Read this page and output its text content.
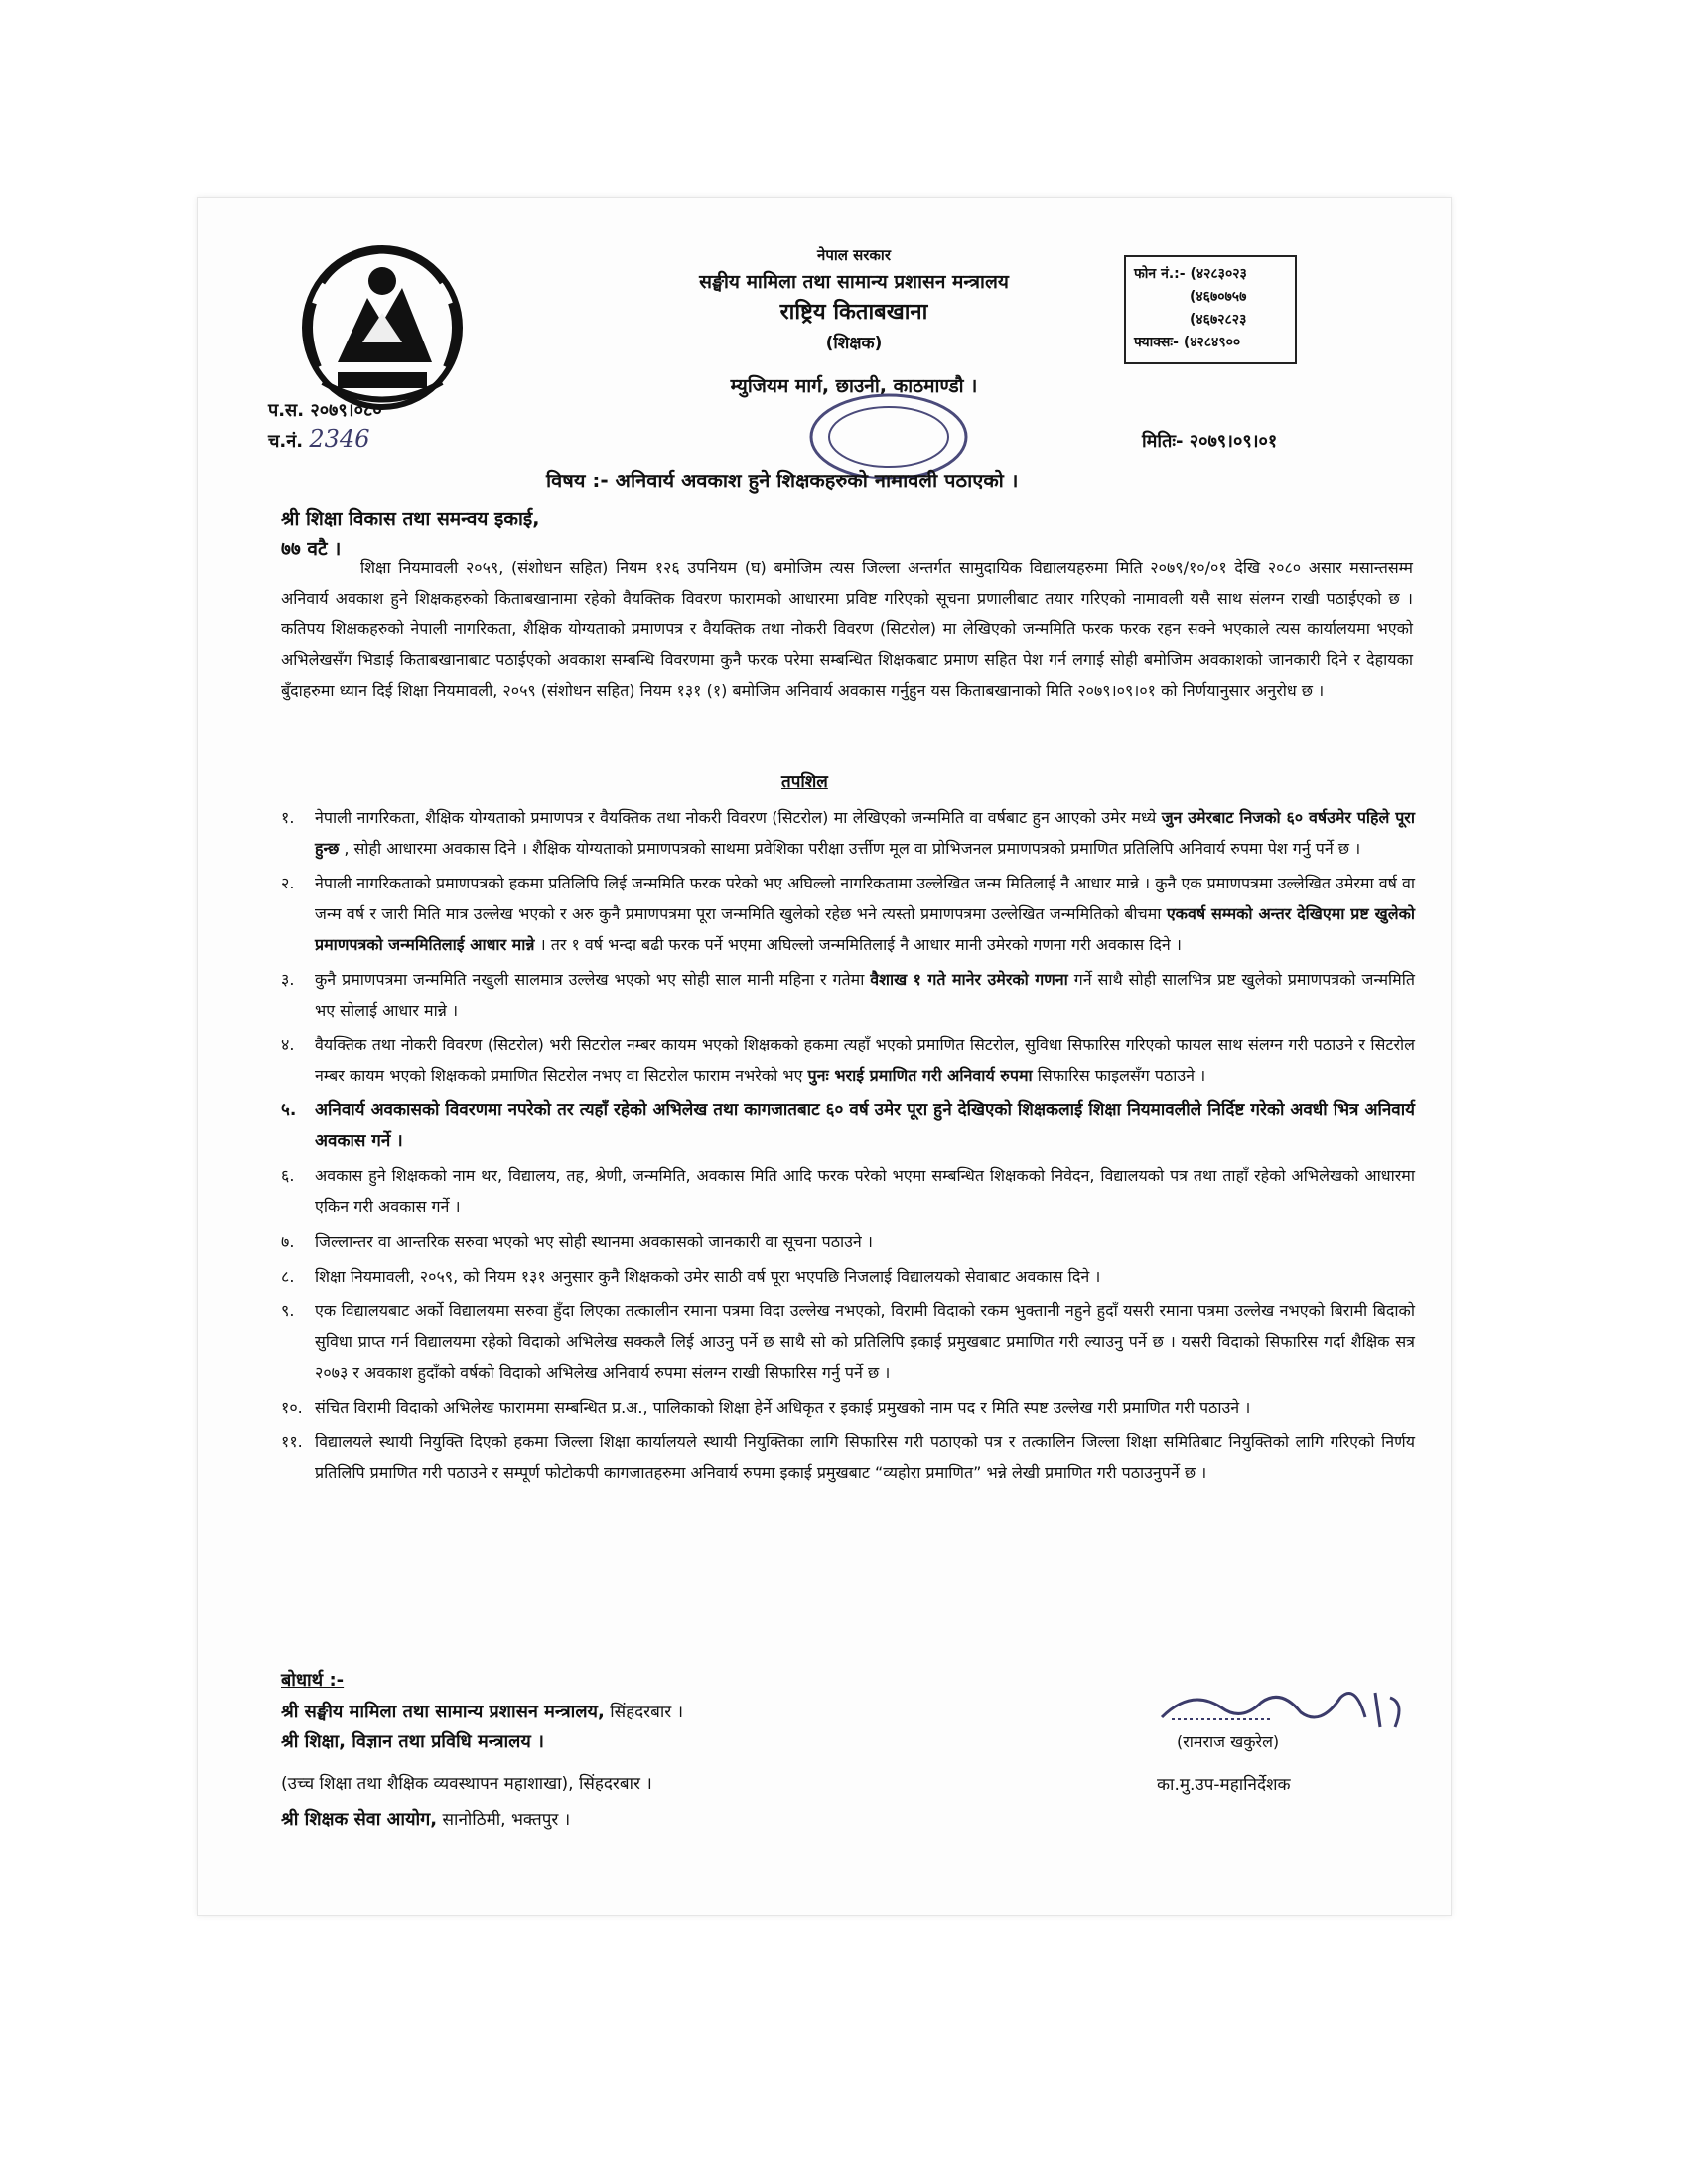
नेपाल सरकार
सङ्घीय मामिला तथा सामान्य प्रशासन मन्त्रालय
राष्ट्रिय किताबखाना
(शिक्षक)
म्युजियम मार्ग, छाउनी, काठमाण्डौ ।
फोन नं.:- (४२८३०२३
(४६७०७५७
(४६७२८२३
फ्याक्सः- (४२८४९००
प.स. २०७९।०८०
च.नं. 2346	मितिः- २०७९।०९।०१
विषय :- अनिवार्य अवकाश हुने शिक्षकहरुको नामावली पठाएको ।
श्री शिक्षा विकास तथा समन्वय इकाई,
७७ वटै ।
शिक्षा नियमावली २०५९, (संशोधन सहित) नियम १२६ उपनियम (घ) बमोजिम त्यस जिल्ला अन्तर्गत सामुदायिक विद्यालयहरुमा मिति २०७९/१०/०१ देखि २०८० असार मसान्तसम्म अनिवार्य अवकाश हुने शिक्षकहरुको किताबखानामा रहेको वैयक्तिक विवरण फारामको आधारमा प्रविष्ट गरिएको सूचना प्रणालीबाट तयार गरिएको नामावली यसै साथ संलग्न राखी पठाईएको छ । कतिपय शिक्षकहरुको नेपाली नागरिकता, शैक्षिक योग्यताको प्रमाणपत्र र वैयक्तिक तथा नोकरी विवरण (सिटरोल) मा लेखिएको जन्ममिति फरक फरक रहन सक्ने भएकाले त्यस कार्यालयमा भएको अभिलेखसँग भिडाई किताबखानाबाट पठाईएको अवकाश सम्बन्धि विवरणमा कुनै फरक परेमा सम्बन्धित शिक्षकबाट प्रमाण सहित पेश गर्न लगाई सोही बमोजिम अवकाशको जानकारी दिने र देहायका बुँदाहरुमा ध्यान दिई शिक्षा नियमावली, २०५९ (संशोधन सहित) नियम १३१ (१) बमोजिम अनिवार्य अवकास गर्नुहुन यस किताबखानाको मिति २०७९।०९।०१ को निर्णयानुसार अनुरोध छ ।
तपशिल
१. नेपाली नागरिकता, शैक्षिक योग्यताको प्रमाणपत्र र वैयक्तिक तथा नोकरी विवरण (सिटरोल) मा लेखिएको जन्ममिति वा वर्षबाट हुन आएको उमेर मध्ये जुन उमेरबाट निजको ६० वर्षउमेर पहिले पूरा हुन्छ , सोही आधारमा अवकास दिने । शैक्षिक योग्यताको प्रमाणपत्रको साथमा प्रवेशिका परीक्षा उर्त्तीण मूल वा प्रोभिजनल प्रमाणपत्रको प्रमाणित प्रतिलिपि अनिवार्य रुपमा पेश गर्नु पर्ने छ ।
२. नेपाली नागरिकताको प्रमाणपत्रको हकमा प्रतिलिपि लिई जन्ममिति फरक परेको भए अघिल्लो नागरिकतामा उल्लेखित जन्म मितिलाई नै आधार मान्ने । कुनै एक प्रमाणपत्रमा उल्लेखित उमेरमा वर्ष वा जन्म वर्ष र जारी मिति मात्र उल्लेख भएको र अरु कुनै प्रमाणपत्रमा पूरा जन्ममिति खुलेको रहेछ भने त्यस्तो प्रमाणपत्रमा उल्लेखित जन्ममितिको बीचमा एकवर्ष सम्मको अन्तर देखिएमा प्रष्ट खुलेको प्रमाणपत्रको जन्ममितिलाई आधार मान्ने । तर १ वर्ष भन्दा बढी फरक पर्ने भएमा अघिल्लो जन्ममितिलाई नै आधार मानी उमेरको गणना गरी अवकास दिने ।
३. कुनै प्रमाणपत्रमा जन्ममिति नखुली सालमात्र उल्लेख भएको भए सोही साल मानी महिना र गतेमा वैशाख १ गते मानेर उमेरको गणना गर्ने साथै सोही सालभित्र प्रष्ट खुलेको प्रमाणपत्रको जन्ममिति भए सोलाई आधार मान्ने ।
४. वैयक्तिक तथा नोकरी विवरण (सिटरोल) भरी सिटरोल नम्बर कायम भएको शिक्षकको हकमा त्यहाँ भएको प्रमाणित सिटरोल, सुविधा सिफारिस गरिएको फायल साथ संलग्न गरी पठाउने र सिटरोल नम्बर कायम भएको शिक्षकको प्रमाणित सिटरोल नभए वा सिटरोल फाराम नभरेको भए पुनः भराई प्रमाणित गरी अनिवार्य रुपमा सिफारिस फाइलसँग पठाउने ।
५. अनिवार्य अवकासको विवरणमा नपरेको तर त्यहाँ रहेको अभिलेख तथा कागजातबाट ६० वर्ष उमेर पूरा हुने देखिएको शिक्षकलाई शिक्षा नियमावलीले निर्दिष्ट गरेको अवधी भित्र अनिवार्य अवकास गर्ने ।
६. अवकास हुने शिक्षकको नाम थर, विद्यालय, तह, श्रेणी, जन्ममिति, अवकास मिति आदि फरक परेको भएमा सम्बन्धित शिक्षकको निवेदन, विद्यालयको पत्र तथा ताहाँ रहेको अभिलेखको आधारमा एकिन गरी अवकास गर्ने ।
७. जिल्लान्तर वा आन्तरिक सरुवा भएको भए सोही स्थानमा अवकासको जानकारी वा सूचना पठाउने ।
८. शिक्षा नियमावली, २०५९, को नियम १३१ अनुसार कुनै शिक्षकको उमेर साठी वर्ष पूरा भएपछि निजलाई विद्यालयको सेवाबाट अवकास दिने ।
९. एक विद्यालयबाट अर्को विद्यालयमा सरुवा हुँदा लिएका तत्कालीन रमाना पत्रमा विदा उल्लेख नभएको, विरामी विदाको रकम भुक्तानी नहुने हुदाँ यसरी रमाना पत्रमा उल्लेख नभएको बिरामी बिदाको सुविधा प्राप्त गर्न विद्यालयमा रहेको विदाको अभिलेख सक्कलै लिई आउनु पर्ने छ साथै सो को प्रतिलिपि इकाई प्रमुखबाट प्रमाणित गरी ल्याउनु पर्ने छ । यसरी विदाको सिफारिस गर्दा शैक्षिक सत्र २०७३ र अवकाश हुदाँको वर्षको विदाको अभिलेख अनिवार्य रुपमा संलग्न राखी सिफारिस गर्नु पर्ने छ ।
१०. संचित विरामी विदाको अभिलेख फाराममा सम्बन्धित प्र.अ., पालिकाको शिक्षा हेर्ने अधिकृत र इकाई प्रमुखको नाम पद र मिति स्पष्ट उल्लेख गरी प्रमाणित गरी पठाउने ।
११. विद्यालयले स्थायी नियुक्ति दिएको हकमा जिल्ला शिक्षा कार्यालयले स्थायी नियुक्तिका लागि सिफारिस गरी पठाएको पत्र र तत्कालिन जिल्ला शिक्षा समितिबाट नियुक्तिको लागि गरिएको निर्णय प्रतिलिपि प्रमाणित गरी पठाउने र सम्पूर्ण फोटोकपी कागजातहरुमा अनिवार्य रुपमा इकाई प्रमुखबाट “व्यहोरा प्रमाणित” भन्ने लेखी प्रमाणित गरी पठाउनुपर्ने छ ।
बोधार्थ :-
श्री सङ्घीय मामिला तथा सामान्य प्रशासन मन्त्रालय, सिंहदरबार ।
श्री शिक्षा, विज्ञान तथा प्रविधि मन्त्रालय ।
(उच्च शिक्षा तथा शैक्षिक व्यवस्थापन महाशाखा), सिंहदरबार ।
श्री शिक्षक सेवा आयोग, सानोठिमी, भक्तपुर ।
(रामराज खकुरेल)
का.मु.उप-महानिर्देशक
